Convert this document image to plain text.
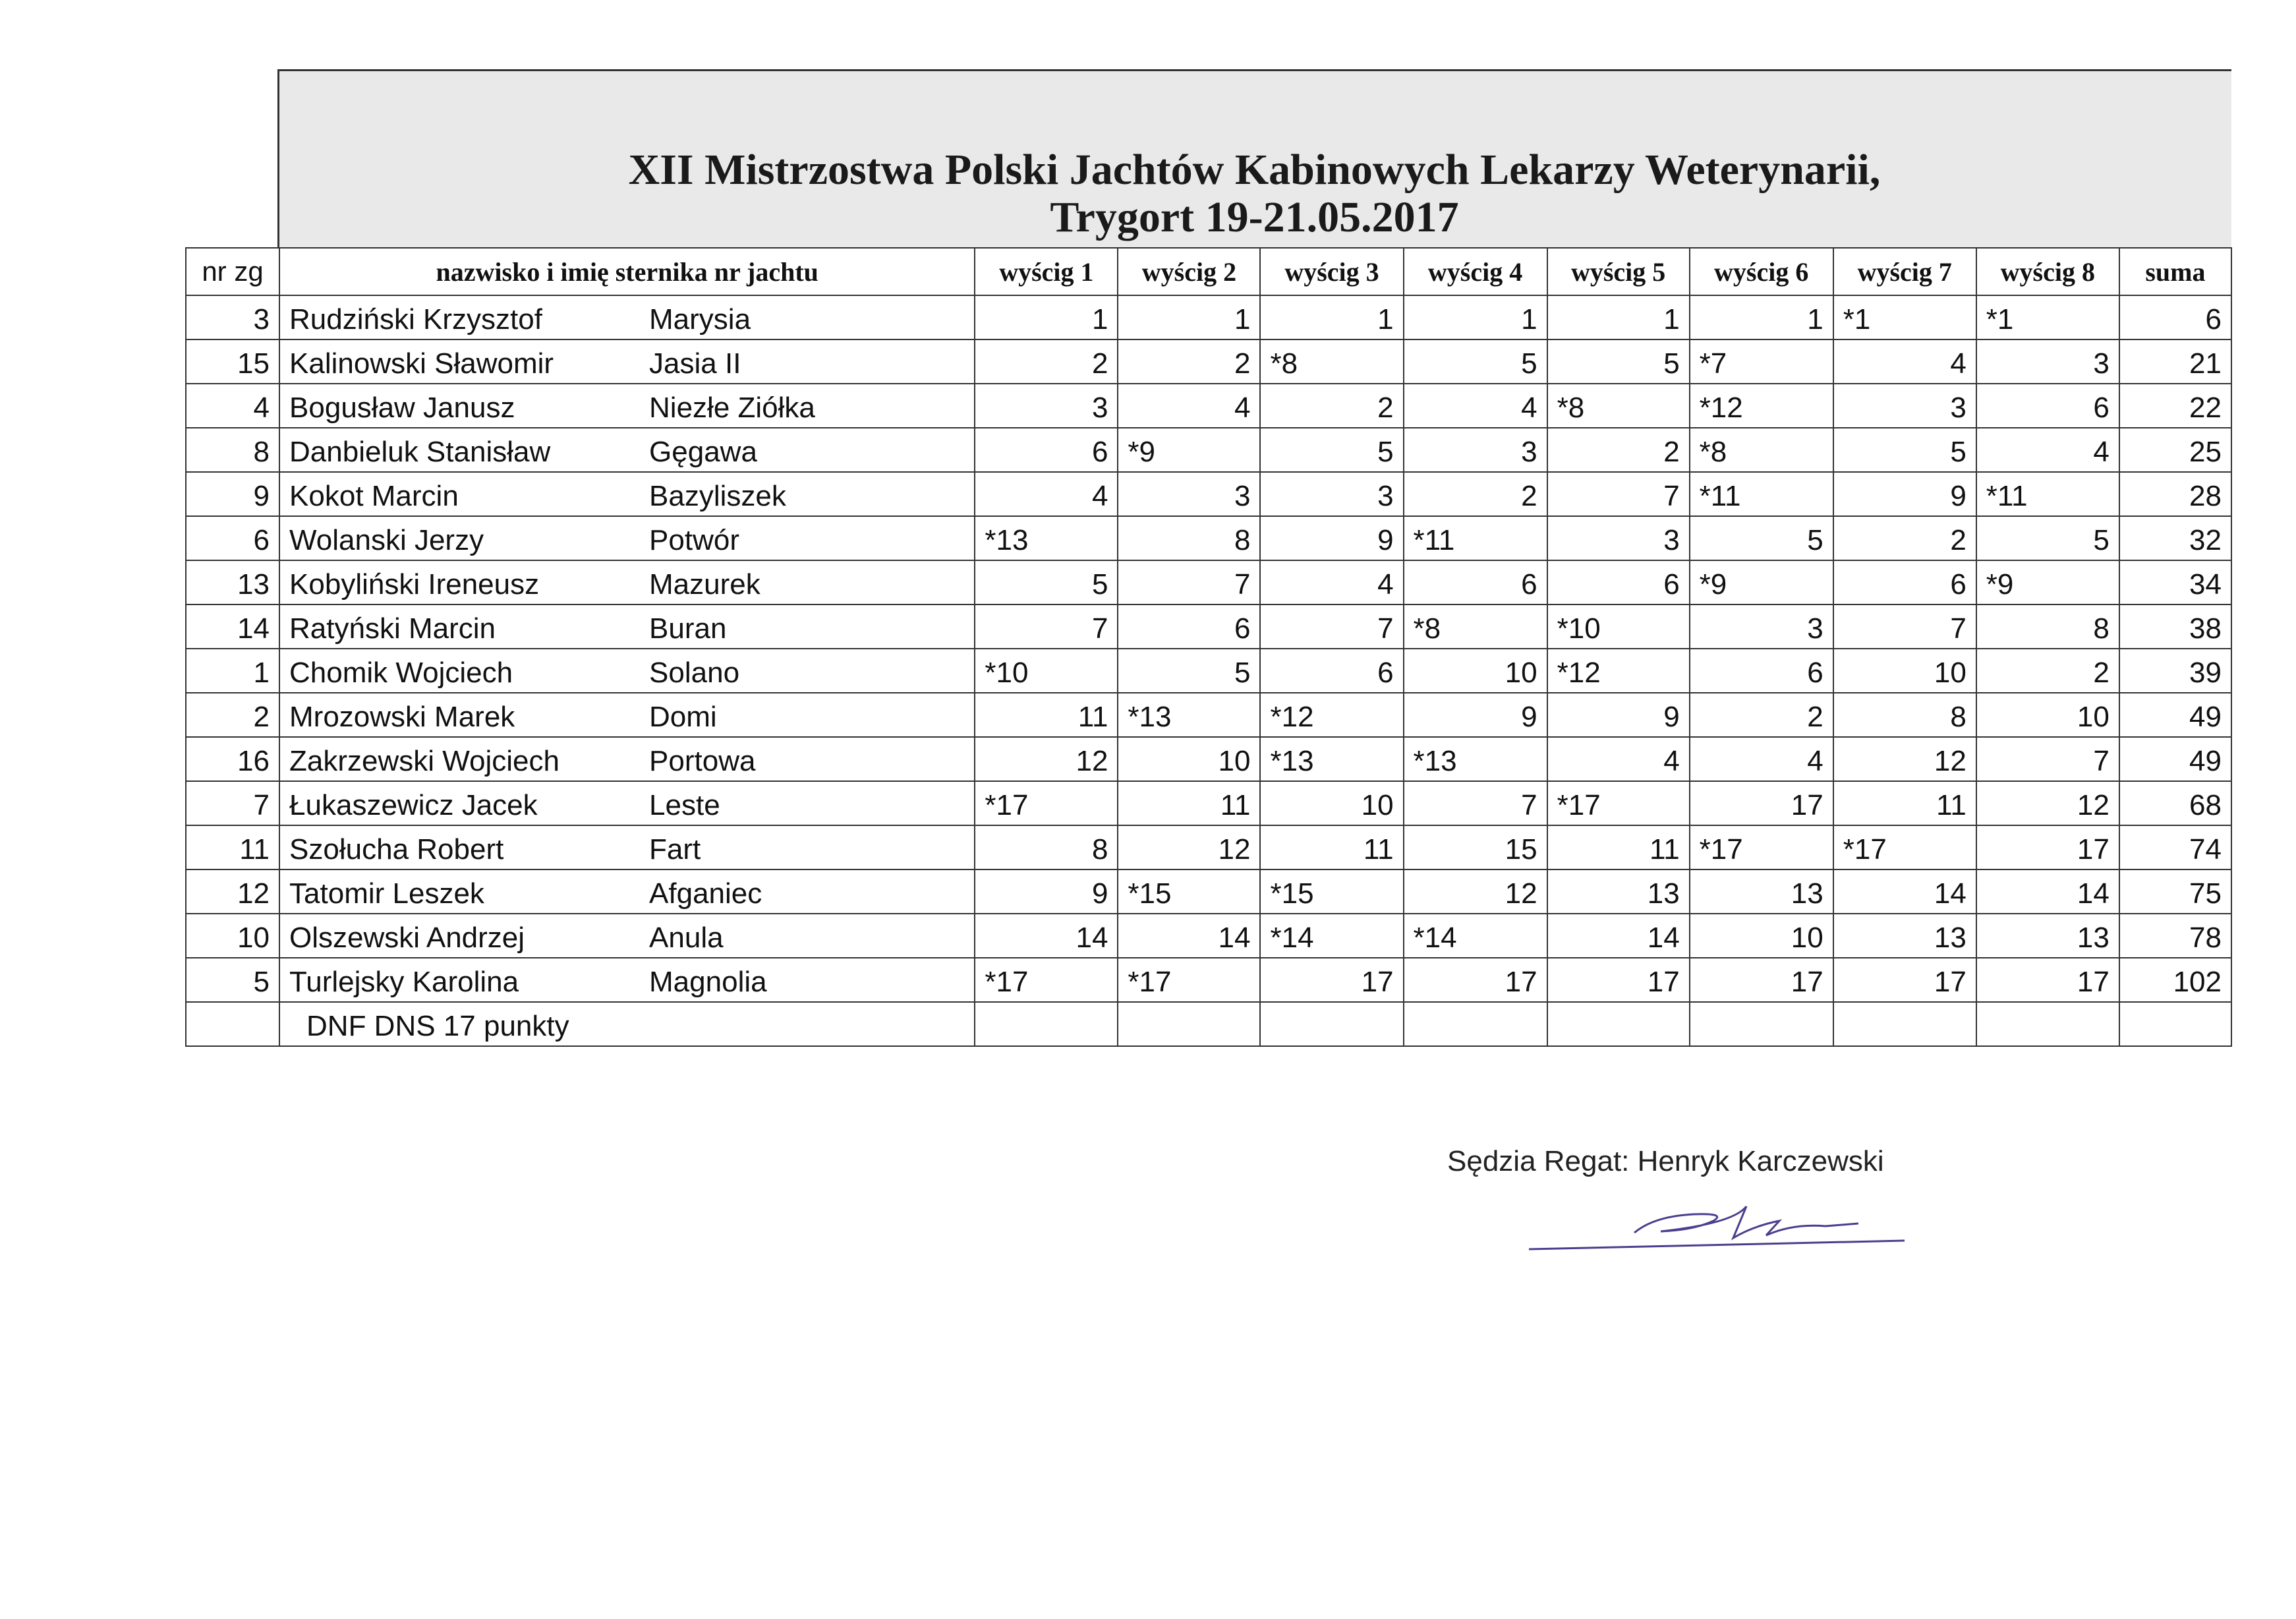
XII Mistrzostwa Polski Jachtów Kabinowych Lekarzy Weterynarii,
Trygort 19-21.05.2017
nr zg	nazwisko i imię sternika nr jachtu	wyścig 1	wyścig 2	wyścig 3	wyścig 4	wyścig 5	wyścig 6	wyścig 7	wyścig 8	suma
3	Rudziński Krzysztof Marysia	1	1	1	1	1	1	*1	*1	6
15	Kalinowski Sławomir Jasia II	2	2	*8	5	5	*7	4	3	21
4	Bogusław Janusz Niezłe Ziółka	3	4	2	4	*8	*12	3	6	22
8	Danbieluk Stanisław Gęgawa	6	*9	5	3	2	*8	5	4	25
9	Kokot Marcin Bazyliszek	4	3	3	2	7	*11	9	*11	28
6	Wolanski Jerzy Potwór	*13	8	9	*11	3	5	2	5	32
13	Kobyliński Ireneusz Mazurek	5	7	4	6	6	*9	6	*9	34
14	Ratyński Marcin Buran	7	6	7	*8	*10	3	7	8	38
1	Chomik Wojciech Solano	*10	5	6	10	*12	6	10	2	39
2	Mrozowski Marek Domi	11	*13	*12	9	9	2	8	10	49
16	Zakrzewski Wojciech Portowa	12	10	*13	*13	4	4	12	7	49
7	Łukaszewicz Jacek Leste	*17	11	10	7	*17	17	11	12	68
11	Szołucha Robert Fart	8	12	11	15	11	*17	*17	17	74
12	Tatomir Leszek Afganiec	9	*15	*15	12	13	13	14	14	75
10	Olszewski Andrzej Anula	14	14	*14	*14	14	10	13	13	78
5	Turlejsky Karolina Magnolia	*17	*17	17	17	17	17	17	17	102
	DNF DNS 17 punkty									
Sędzia Regat: Henryk Karczewski
